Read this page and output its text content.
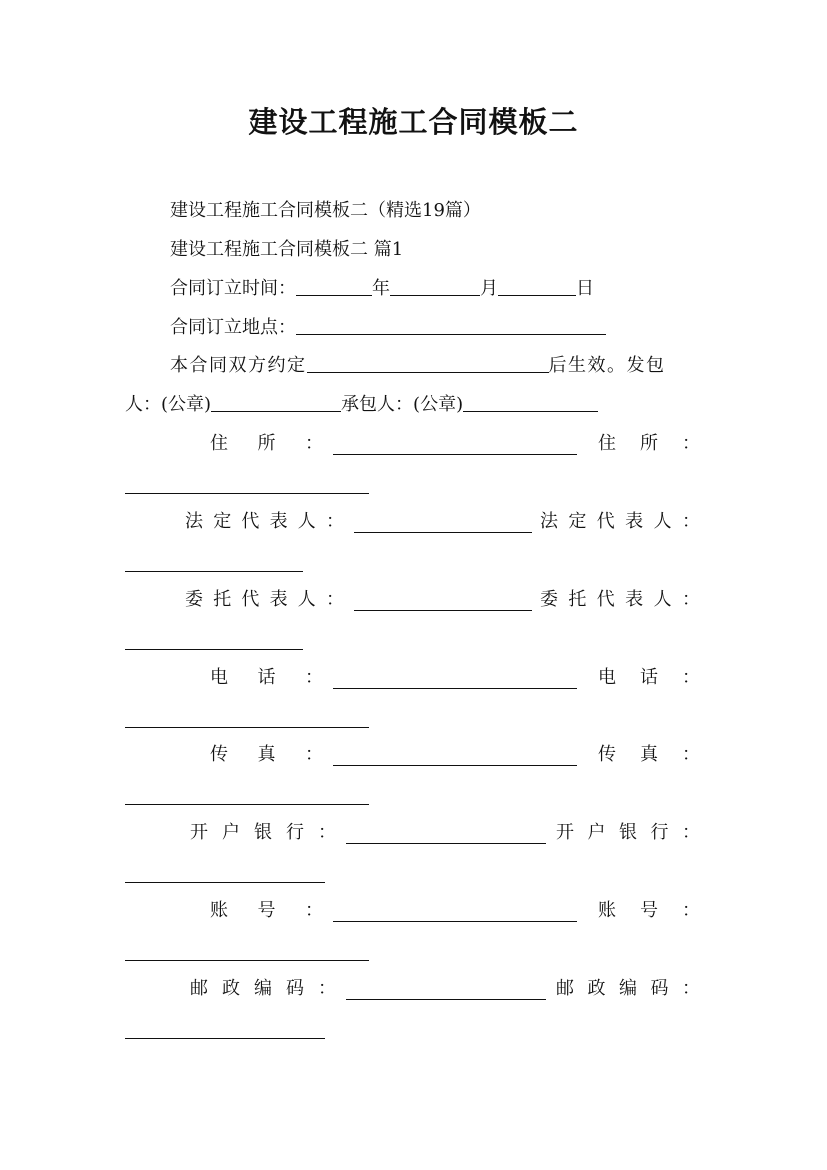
建设工程施工合同模板二
建设工程施工合同模板二（精选19篇）
建设工程施工合同模板二 篇1
合同订立时间：	年	月	日
合同订立地点：
本合同双方约定	后生效。发包
人：(公章)	承包人：(公章)
住 所 ：	住 所 ：
法 定 代 表 人 ：	法 定 代 表 人 ：
委 托 代 表 人 ：	委 托 代 表 人 ：
电 话 ：	电 话 ：
传 真 ：	传 真 ：
开 户 银 行 ：	开 户 银 行 ：
账 号 ：	账 号 ：
邮 政 编 码 ：	邮 政 编 码 ：
